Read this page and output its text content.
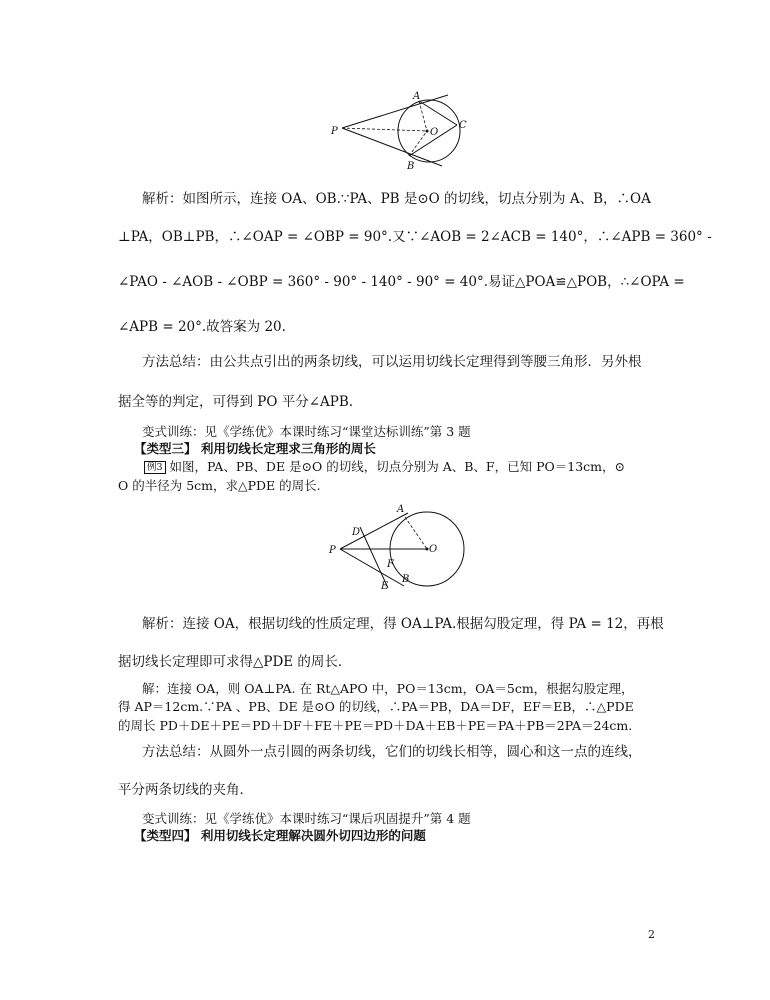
A
B
C
O
P
解析：如图所示，连接 OA、OB.∵PA、PB 是⊙O 的切线，切点分别为 A、B，∴OA
⊥PA，OB⊥PB，∴∠OAP = ∠OBP = 90°.又∵∠AOB = 2∠ACB = 140°，∴∠APB = 360° -
∠PAO - ∠AOB - ∠OBP = 360° - 90° - 140° - 90° = 40°.易证△POA≌△POB，∴∠OPA =
∠APB = 20°.故答案为 20.
方法总结：由公共点引出的两条切线，可以运用切线长定理得到等腰三角形．另外根
据全等的判定，可得到 PO 平分∠APB.
变式训练：见《学练优》本课时练习“课堂达标训练”第 3 题
【类型三】 利用切线长定理求三角形的周长
例3 如图，PA、PB、DE 是⊙O 的切线，切点分别为 A、B、F，已知 PO＝13cm，⊙
O 的半径为 5cm，求△PDE 的周长.
A
B
D
E
F
O
P
解析：连接 OA，根据切线的性质定理，得 OA⊥PA.根据勾股定理，得 PA = 12，再根
据切线长定理即可求得△PDE 的周长．
解：连接 OA，则 OA⊥PA. 在 Rt△APO 中，PO＝13cm，OA＝5cm，根据勾股定理，
得 AP＝12cm.∵PA 、PB、DE 是⊙O 的切线，∴PA＝PB，DA＝DF，EF＝EB，∴△PDE
的周长 PD＋DE＋PE＝PD＋DF＋FE＋PE＝PD＋DA＋EB＋PE＝PA＋PB＝2PA＝24cm.
方法总结：从圆外一点引圆的两条切线，它们的切线长相等，圆心和这一点的连线，
平分两条切线的夹角．
变式训练：见《学练优》本课时练习“课后巩固提升”第 4 题
【类型四】 利用切线长定理解决圆外切四边形的问题
2
